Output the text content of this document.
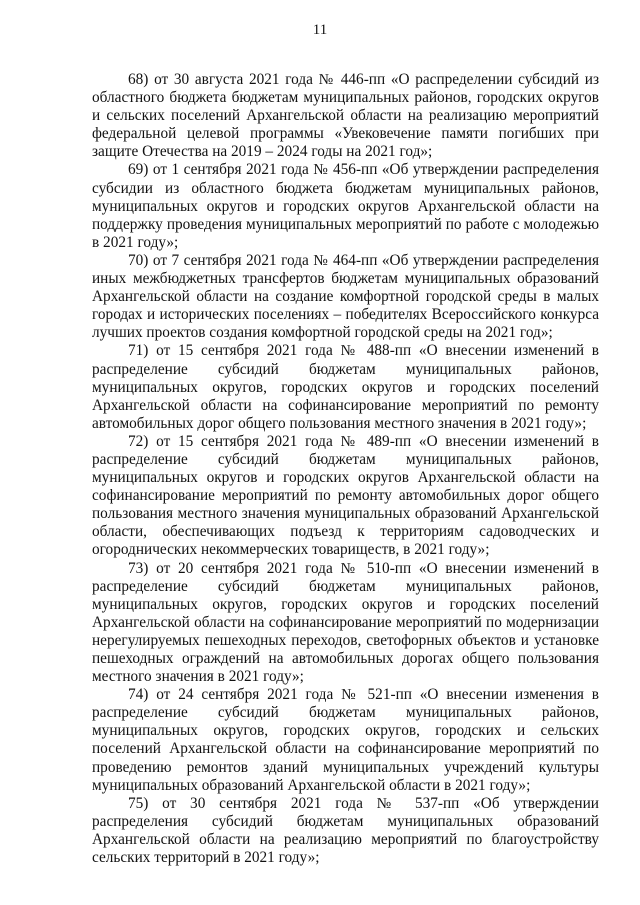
11

68) от 30 августа 2021 года № 446-пп «О распределении субсидий из областного бюджета бюджетам муниципальных районов, городских округов и сельских поселений Архангельской области на реализацию мероприятий федеральной целевой программы «Увековечение памяти погибших при защите Отечества на 2019 – 2024 годы на 2021 год»;

69) от 1 сентября 2021 года № 456-пп «Об утверждении распределения субсидии из областного бюджета бюджетам муниципальных районов, муниципальных округов и городских округов Архангельской области на поддержку проведения муниципальных мероприятий по работе с молодежью в 2021 году»;

70) от 7 сентября 2021 года № 464-пп «Об утверждении распределения иных межбюджетных трансфертов бюджетам муниципальных образований Архангельской области на создание комфортной городской среды в малых городах и исторических поселениях – победителях Всероссийского конкурса лучших проектов создания комфортной городской среды на 2021 год»;

71) от 15 сентября 2021 года № 488-пп «О внесении изменений в распределение субсидий бюджетам муниципальных районов, муниципальных округов, городских округов и городских поселений Архангельской области на софинансирование мероприятий по ремонту автомобильных дорог общего пользования местного значения в 2021 году»;

72) от 15 сентября 2021 года № 489-пп «О внесении изменений в распределение субсидий бюджетам муниципальных районов, муниципальных округов и городских округов Архангельской области на софинансирование мероприятий по ремонту автомобильных дорог общего пользования местного значения муниципальных образований Архангельской области, обеспечивающих подъезд к территориям садоводческих и огороднических некоммерческих товариществ, в 2021 году»;

73) от 20 сентября 2021 года № 510-пп «О внесении изменений в распределение субсидий бюджетам муниципальных районов, муниципальных округов, городских округов и городских поселений Архангельской области на софинансирование мероприятий по модернизации нерегулируемых пешеходных переходов, светофорных объектов и установке пешеходных ограждений на автомобильных дорогах общего пользования местного значения в 2021 году»;

74) от 24 сентября 2021 года № 521-пп «О внесении изменения в распределение субсидий бюджетам муниципальных районов, муниципальных округов, городских округов, городских и сельских поселений Архангельской области на софинансирование мероприятий по проведению ремонтов зданий муниципальных учреждений культуры муниципальных образований Архангельской области в 2021 году»;

75) от 30 сентября 2021 года № 537-пп «Об утверждении распределения субсидий бюджетам муниципальных образований Архангельской области на реализацию мероприятий по благоустройству сельских территорий в 2021 году»;
